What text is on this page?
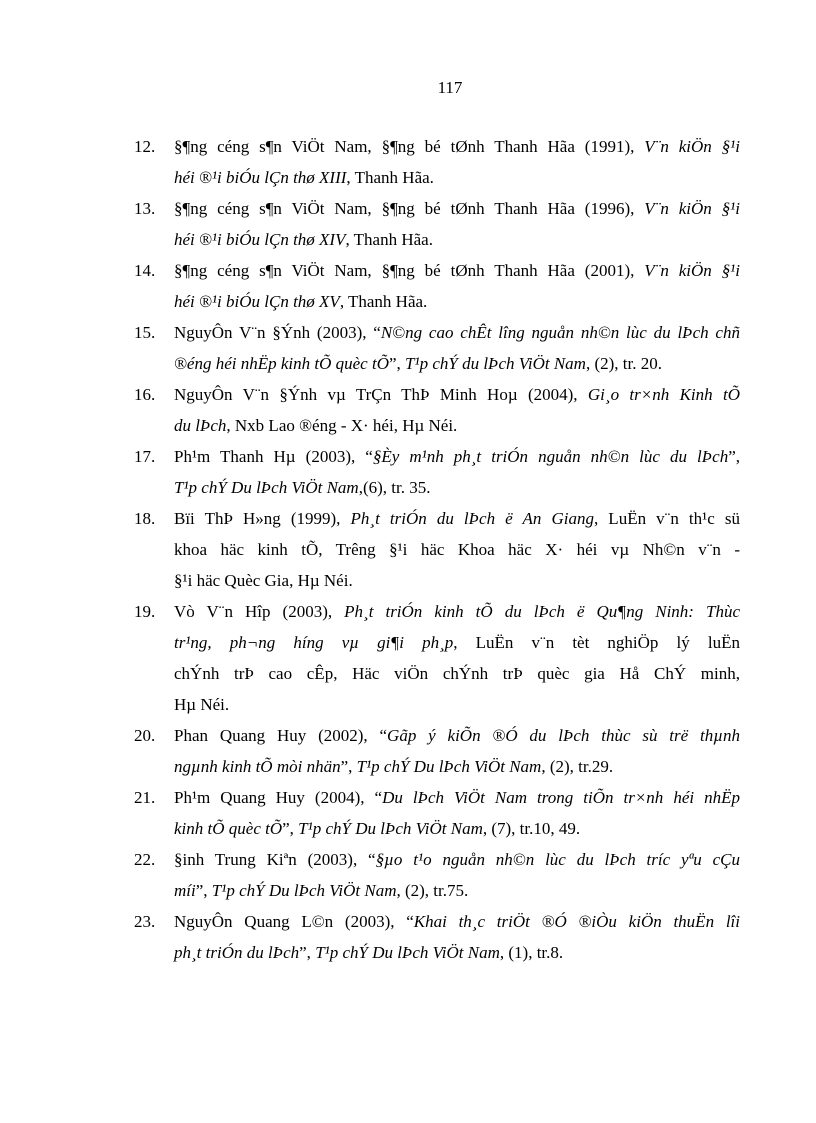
117
12. §¶ng céng s¶n ViÖt Nam, §¶ng bé tØnh Thanh Hãa (1991), V¨n kiÖn §¹i
héi ®¹i biÓu lÇn thø XIII, Thanh Hãa.
13. §¶ng céng s¶n ViÖt Nam, §¶ng bé tØnh Thanh Hãa (1996), V¨n kiÖn §¹i
héi ®¹i biÓu lÇn thø XIV, Thanh Hãa.
14. §¶ng céng s¶n ViÖt Nam, §¶ng bé tØnh Thanh Hãa (2001), V¨n kiÖn §¹i
héi ®¹i biÓu lÇn thø XV, Thanh Hãa.
15. NguyÔn V¨n §Ýnh (2003), “N©ng cao chÊt lîng nguån nh©n lùc du lÞch chñ
®éng héi nhËp kinh tÕ quèc tÕ”, T¹p chÝ du lÞch ViÖt Nam, (2), tr. 20.
16. NguyÔn V¨n §Ýnh vµ TrÇn ThÞ Minh Hoµ (2004), Gi¸o tr×nh Kinh tÕ
du lÞch, Nxb Lao ®éng - X· héi, Hµ Néi.
17. Ph¹m Thanh Hµ (2003), “§Èy m¹nh ph¸t triÓn nguån nh©n lùc du lÞch”,
T¹p chÝ Du lÞch ViÖt Nam,(6), tr. 35.
18. Bïi ThÞ H»ng (1999), Ph¸t triÓn du lÞch ë An Giang, LuËn v¨n th¹c sü
khoa häc kinh tÕ, Trêng §¹i häc Khoa häc X· héi vµ Nh©n v¨n -
§¹i häc Quèc Gia, Hµ Néi.
19. Vò V¨n Hîp (2003), Ph¸t triÓn kinh tÕ du lÞch ë Qu¶ng Ninh: Thùc
tr¹ng, ph¬ng híng vµ gi¶i ph¸p, LuËn v¨n tèt nghiÖp lý luËn
chÝnh trÞ cao cÊp, Häc viÖn chÝnh trÞ quèc gia Hå ChÝ minh,
Hµ Néi.
20. Phan Quang Huy (2002), “Gãp ý kiÕn ®Ó du lÞch thùc sù trë thµnh
ngµnh kinh tÕ mòi nhän”, T¹p chÝ Du lÞch ViÖt Nam, (2), tr.29.
21. Ph¹m Quang Huy (2004), “Du lÞch ViÖt Nam trong tiÕn tr×nh héi nhËp
kinh tÕ quèc tÕ”, T¹p chÝ Du lÞch ViÖt Nam, (7), tr.10, 49.
22. §inh Trung Kiªn (2003), “§µo t¹o nguån nh©n lùc du lÞch tríc yªu cÇu
míi”, T¹p chÝ Du lÞch ViÖt Nam, (2), tr.75.
23. NguyÔn Quang L©n (2003), “Khai th¸c triÖt ®Ó ®iÒu kiÖn thuËn lîi
ph¸t triÓn du lÞch”, T¹p chÝ Du lÞch ViÖt Nam, (1), tr.8.
